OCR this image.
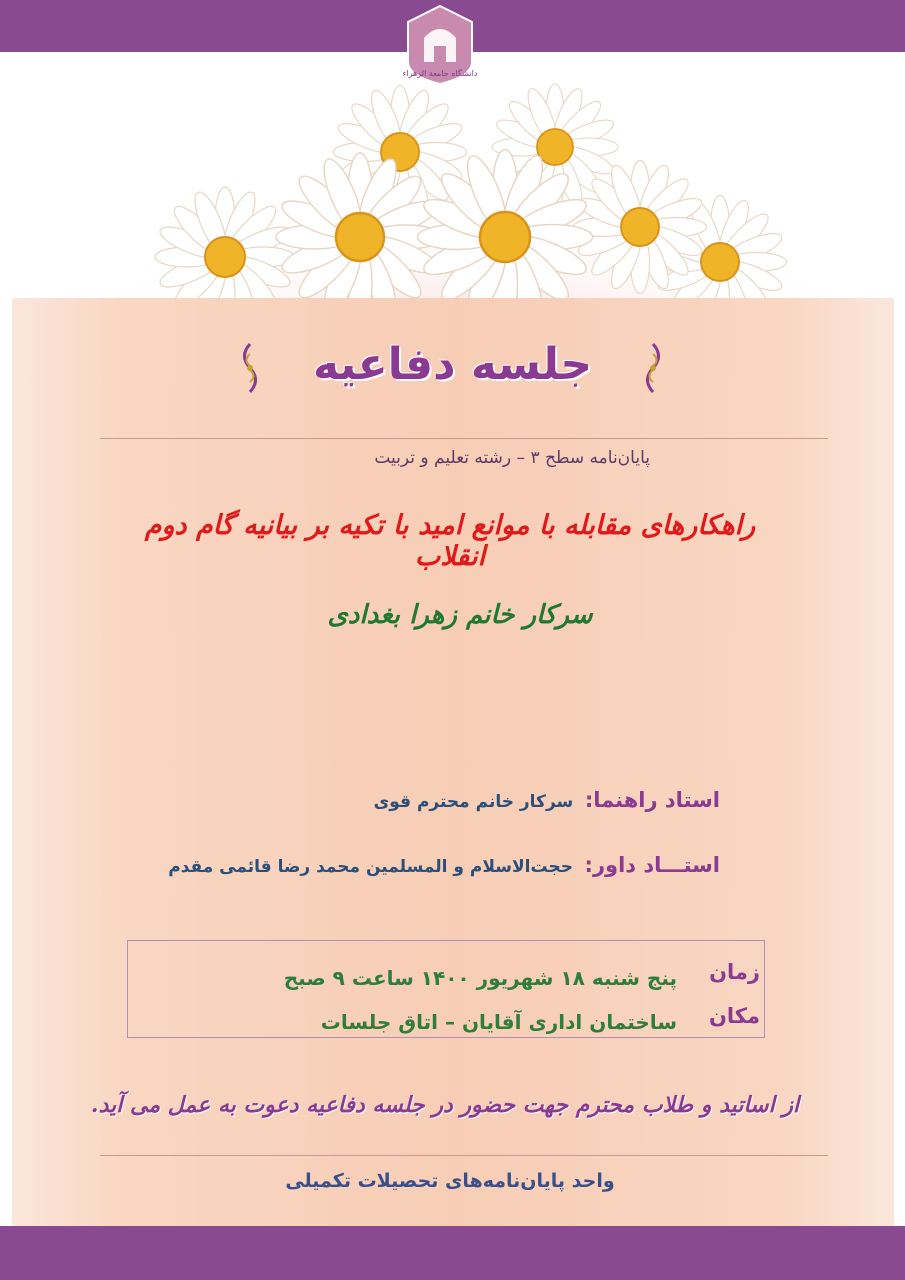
دانشگاه جامعة الزهراء
جلسه دفاعیه
پایان‌نامه سطح ۳ – رشته تعلیم و تربیت
راهکارهای مقابله با موانع امید با تکیه بر بیانیه گام دوم انقلاب
سرکار خانم زهرا بغدادی
استاد راهنما: سرکار خانم محترم قوی
استـــاد داور: حجت‌الاسلام و المسلمین محمد رضا قائمی مقدم
زمان
پنج شنبه ۱۸ شهریور ۱۴۰۰ ساعت ۹ صبح
مکان
ساختمان اداری آقایان – اتاق جلسات
از اساتید و طلاب محترم جهت حضور در جلسه دفاعیه دعوت به عمل می آید.
واحد پایان‌نامه‌های تحصیلات تکمیلی
